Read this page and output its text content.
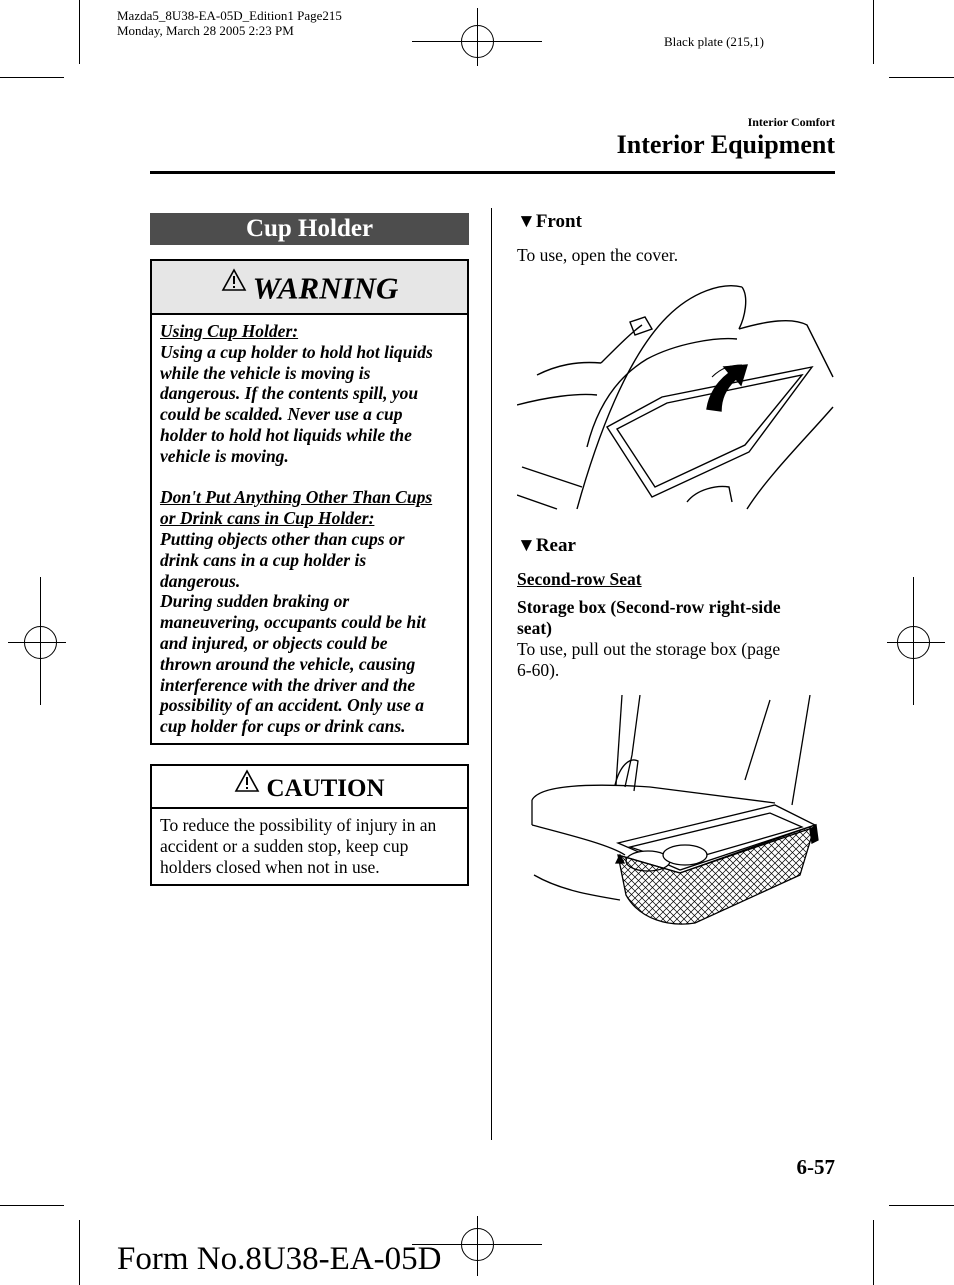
Mazda5_8U38-EA-05D_Edition1 Page215
Monday, March 28 2005 2:23 PM
Black plate (215,1)
Interior Comfort
Interior Equipment
Cup Holder
WARNING

Using Cup Holder:

Using a cup holder to hold hot liquids

while the vehicle is moving is

dangerous. If the contents spill, you

could be scalded. Never use a cup

holder to hold hot liquids while the

vehicle is moving.

Don't Put Anything Other Than Cups

or Drink cans in Cup Holder:

Putting objects other than cups or

drink cans in a cup holder is

dangerous.

During sudden braking or

maneuvering, occupants could be hit

and injured, or objects could be

thrown around the vehicle, causing

interference with the driver and the

possibility of an accident. Only use a

cup holder for cups or drink cans.

CAUTION
To reduce the possibility of injury in an
accident or a sudden stop, keep cup
holders closed when not in use.
▼Front
To use, open the cover.
▼Rear
Second-row Seat
Storage box (Second-row right-side
seat)
To use, pull out the storage box (page
6-60).
6-57
Form No.8U38-EA-05D
